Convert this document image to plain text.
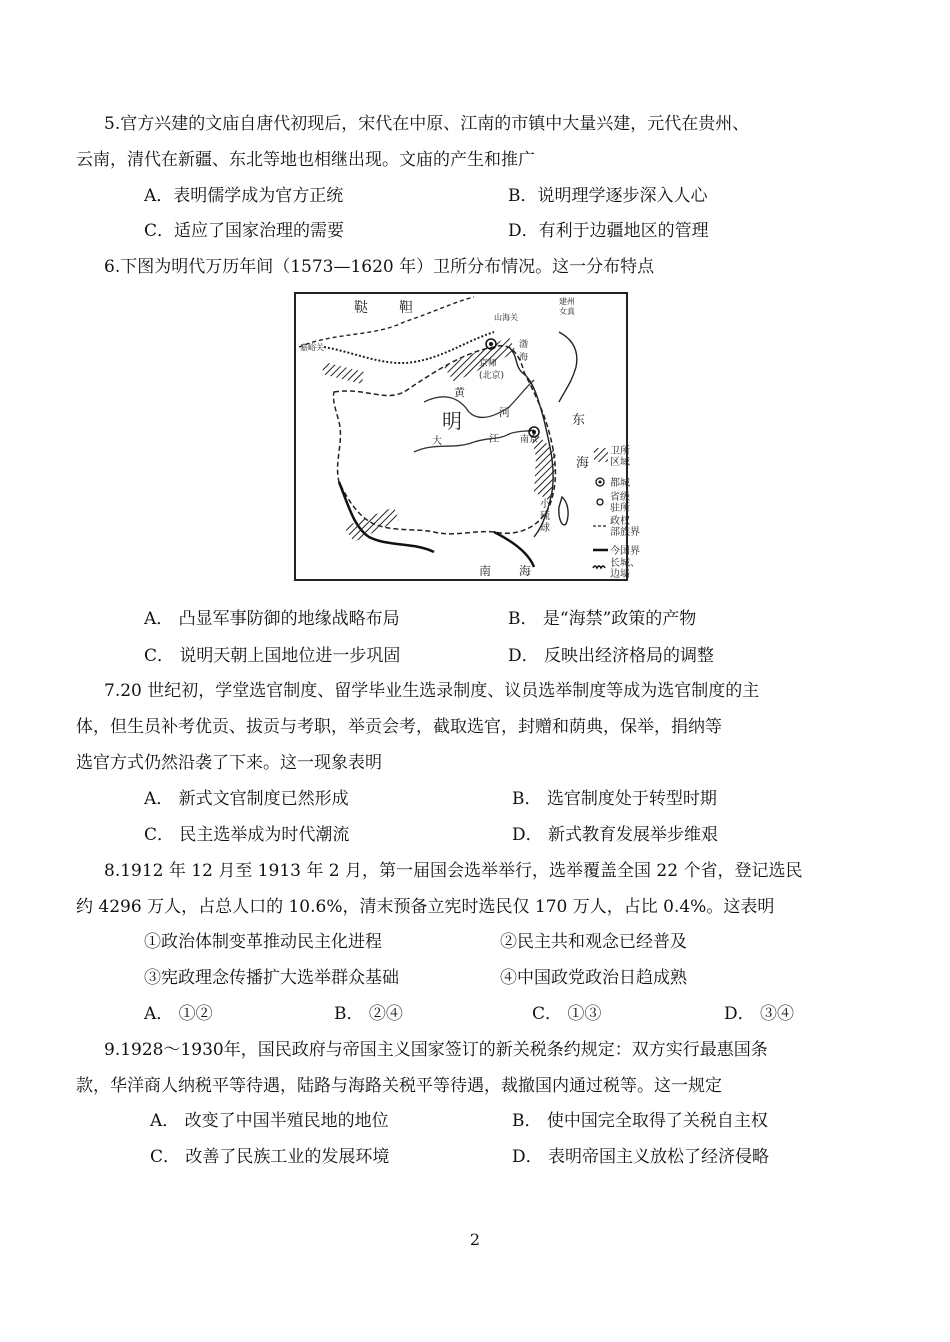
5.官方兴建的文庙自唐代初现后，宋代在中原、江南的市镇中大量兴建，元代在贵州、
云南，清代在新疆、东北等地也相继出现。文庙的产生和推广
A．表明儒学成为官方正统	B．说明理学逐步深入人心
C．适应了国家治理的需要	D．有利于边疆地区的管理
6.下图为明代万历年间（1573—1620 年）卫所分布情况。这一分布特点
鞑 靼
嘉峪关
山海关
建州
女真
京师
(北京)
渤
海
黄
河
明
大	江 南京
东
海
小
琉
球
南 海
卫所
区域
都城
省级
驻所
政权
部族界
今国界
长城、
边墙
A． 凸显军事防御的地缘战略布局	B． 是“海禁”政策的产物
C． 说明天朝上国地位进一步巩固	D． 反映出经济格局的调整
7.20 世纪初，学堂选官制度、留学毕业生选录制度、议员选举制度等成为选官制度的主
体，但生员补考优贡、拔贡与考职，举贡会考，截取选官，封赠和荫典，保举，捐纳等
选官方式仍然沿袭了下来。这一现象表明
A． 新式文官制度已然形成	B． 选官制度处于转型时期
C． 民主选举成为时代潮流	D． 新式教育发展举步维艰
8.1912 年 12 月至 1913 年 2 月，第一届国会选举举行，选举覆盖全国 22 个省，登记选民
约 4296 万人，占总人口的 10.6%，清末预备立宪时选民仅 170 万人，占比 0.4%。这表明
①政治体制变革推动民主化进程	②民主共和观念已经普及
③宪政理念传播扩大选举群众基础	④中国政党政治日趋成熟
A． ①②	B． ②④	C． ①③	D． ③④
9.1928～1930年，国民政府与帝国主义国家签订的新关税条约规定：双方实行最惠国条
款，华洋商人纳税平等待遇，陆路与海路关税平等待遇，裁撤国内通过税等。这一规定
A． 改变了中国半殖民地的地位	B． 使中国完全取得了关税自主权
C． 改善了民族工业的发展环境	D． 表明帝国主义放松了经济侵略
2
